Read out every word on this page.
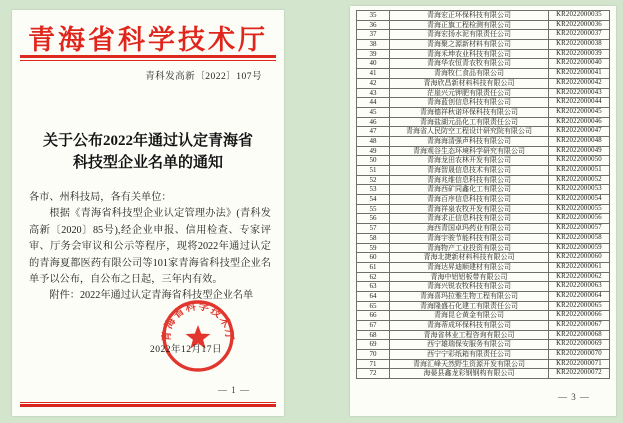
青海省科学技术厅
青科发高新〔2022〕107号
关于公布2022年通过认定青海省
科技型企业名单的通知
各市、州科技局，各有关单位：
根据《青海省科技型企业认定管理办法》(青科发高新〔2020〕85号),经企业申报、信用检查、专家评审、厅务会审议和公示等程序，现将2022年通过认定的青海夏都医药有限公司等101家青海省科技型企业名单予以公布，自公布之日起，三年内有效。
附件：2022年通过认定青海省科技型企业名单
青海省科学技术厅
2022年12月17日
— 1 —
35	青海宏正环保科技有限公司	KR2022000035
36	青海正旗工程检测有限公司	KR2022000036
37	青海宏扬水泥有限责任公司	KR2022000037
38	青海聚之源新材料有限公司	KR2022000038
39	青海禾坤农业科技有限公司	KR2022000039
40	青海华农恒青农牧有限公司	KR2022000040
41	青海牧仁食品有限公司	KR2022000041
42	青海欣昌新材料科技有限公司	KR2022000042
43	茫崖兴元钾肥有限责任公司	KR2022000043
44	青海蓝创信息科技有限公司	KR2022000044
45	青海德祥秋诺环保科技有限公司	KR2022000045
46	青海盐湖元品化工有限责任公司	KR2022000046
47	青海省人民防空工程设计研究院有限公司	KR2022000047
48	青海海清强声科技有限公司	KR2022000048
49	青海观谷生态环境科学研究有限公司	KR2022000049
50	青海龙田农林开发有限公司	KR2022000050
51	青海智晟信息技术有限公司	KR2022000051
52	青海兆维信息科技有限公司	KR2022000052
53	青海西矿同鑫化工有限公司	KR2022000053
54	青海百序信息科技有限公司	KR2022000054
55	青海祥泉农牧开发有限公司	KR2022000055
56	青海求正信息科技有限公司	KR2022000056
57	海西青国卓玛药业有限公司	KR2022000057
58	青海宇骏节能科技有限公司	KR2022000058
59	青海物产工业投资有限公司	KR2022000059
60	青海北捷新材料科技有限公司	KR2022000060
61	青海达昇迪顺建材有限公司	KR2022000061
62	青海中铝铝板带有限公司	KR2022000062
63	青海兴锐农牧科技有限公司	KR2022000063
64	青海喜玛拉雅生物工程有限公司	KR2022000064
65	青海隆盛石化建工有限责任公司	KR2022000065
66	青海昆仑黄金有限公司	KR2022000066
67	青海蒂成环保科技有限公司	KR2022000067
68	青海省林业工程咨询有限公司	KR2022000068
69	西宁雄瑞保安服务有限公司	KR2022000069
70	西宁宁彩纸箱有限责任公司	KR2022000070
71	青海汇峰天然野生资源开发有限公司	KR2022000071
72	海晏县鑫龙彩钢钢构有限公司	KR2022000072
— 3 —
